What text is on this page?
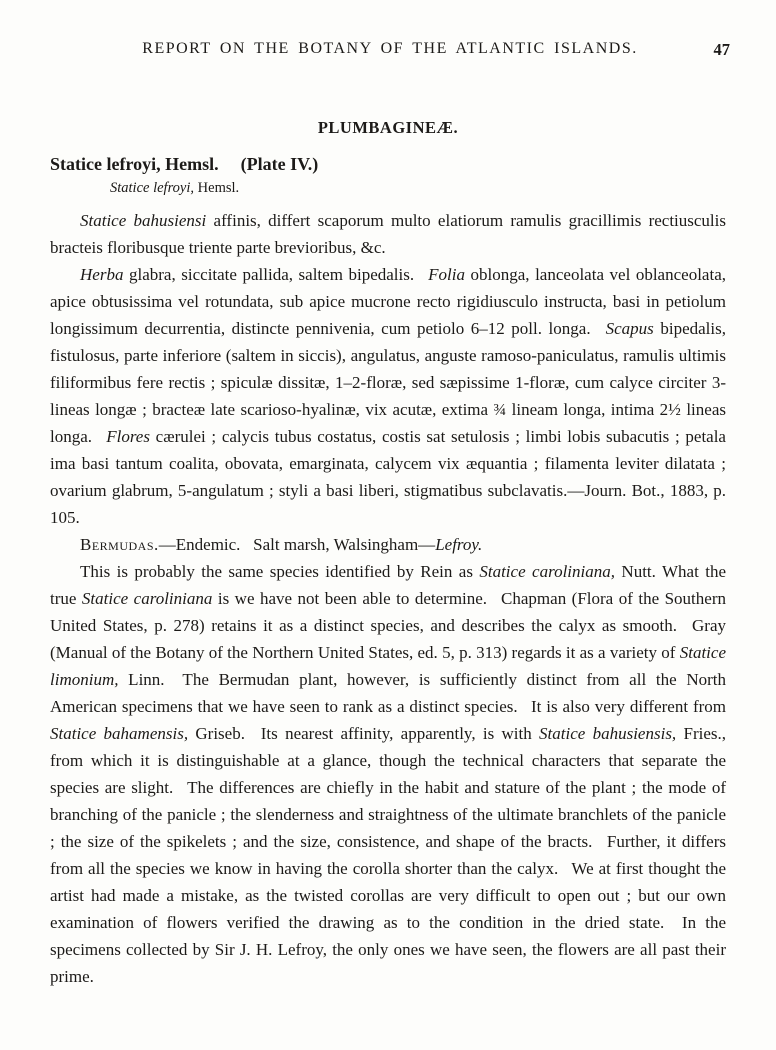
REPORT ON THE BOTANY OF THE ATLANTIC ISLANDS.	47
PLUMBAGINEÆ.
Statice lefroyi, Hemsl. (Plate IV.)
Statice lefroyi, Hemsl.

Statice bahusiensi affinis, differt scaporum multo elatiorum ramulis gracillimis rectiusculis bracteis floribusque triente parte brevioribus, &c.

Herba glabra, siccitate pallida, saltem bipedalis.  Folia oblonga, lanceolata vel oblanceolata, apice obtusissima vel rotundata, sub apice mucrone recto rigidiusculo instructa, basi in petiolum longissimum decurrentia, distincte pennivenia, cum petiolo 6–12 poll. longa.  Scapus bipedalis, fistulosus, parte inferiore (saltem in siccis), angulatus, anguste ramoso-paniculatus, ramulis ultimis filiformibus fere rectis ; spiculæ dissitæ, 1–2-floræ, sed sæpissime 1-floræ, cum calyce circiter 3-lineas longæ ; bracteæ late scarioso-hyalinæ, vix acutæ, extima ¾ lineam longa, intima 2½ lineas longa.  Flores cærulei ; calycis tubus costatus, costis sat setulosis ; limbi lobis subacutis ; petala ima basi tantum coalita, obovata, emarginata, calycem vix æquantia ; filamenta leviter dilatata ; ovarium glabrum, 5-angulatum ; styli a basi liberi, stigmatibus subclavatis.—Journ. Bot., 1883, p. 105.

Bermudas.—Endemic.  Salt marsh, Walsingham—Lefroy.

This is probably the same species identified by Rein as Statice caroliniana, Nutt. What the true Statice caroliniana is we have not been able to determine.  Chapman (Flora of the Southern United States, p. 278) retains it as a distinct species, and describes the calyx as smooth.  Gray (Manual of the Botany of the Northern United States, ed. 5, p. 313) regards it as a variety of Statice limonium, Linn.  The Bermudan plant, however, is sufficiently distinct from all the North American specimens that we have seen to rank as a distinct species.  It is also very different from Statice bahamensis, Griseb.  Its nearest affinity, apparently, is with Statice bahusiensis, Fries., from which it is distinguishable at a glance, though the technical characters that separate the species are slight.  The differences are chiefly in the habit and stature of the plant ; the mode of branching of the panicle ; the slenderness and straightness of the ultimate branchlets of the panicle ; the size of the spikelets ; and the size, consistence, and shape of the bracts.  Further, it differs from all the species we know in having the corolla shorter than the calyx.  We at first thought the artist had made a mistake, as the twisted corollas are very difficult to open out ; but our own examination of flowers verified the drawing as to the condition in the dried state.  In the specimens collected by Sir J. H. Lefroy, the only ones we have seen, the flowers are all past their prime.
